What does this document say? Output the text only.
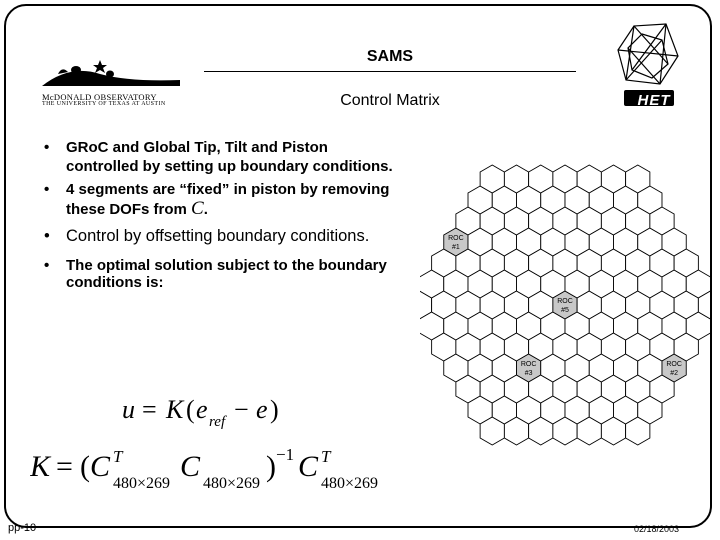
McDONALD OBSERVATORY
THE UNIVERSITY OF TEXAS AT AUSTIN
SAMS
Control Matrix	HET
• GRoC and Global Tip, Tilt and Piston controlled by setting up boundary conditions.
• 4 segments are “fixed” in piston by removing these DOFs from C.
• Control by offsetting boundary conditions.
• The optimal solution subject to the boundary conditions is:
u = K ( e ref − e )
K = ( C T
480×269
C
480×269
) −1 C T
480×269
ROC
#1
ROC
#3
ROC
#5
ROC
#2
pp-10	02/18/2003
